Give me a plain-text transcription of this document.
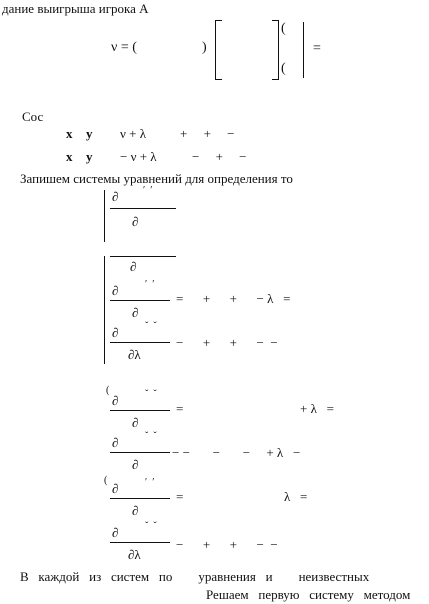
дание выигрыша игрока A
ν = (	)
(
(
=
Сос
x y ν + λ	+     +     −
x y − ν + λ	−     +     −
Запишем системы уравнений для определения то
∂ ʹ  ʹ
∂
∂
∂	ʹ  ʹ
∂
=      +      +      − λ   =
∂	ˇ  ˇ
∂λ
−      +      +      −  −
(
∂	ˇ  ˇ
∂
=	+ λ   =
∂	ˇ  ˇ
∂
− −       −       −     + λ   −
(
∂	ʹ  ʹ
∂
=	λ   =
∂	ˇ  ˇ
∂λ
−      +      +      −  −
В   каждой   из   систем   по        уравнения   и        неизвестных
Решаем   первую   систему   методом
